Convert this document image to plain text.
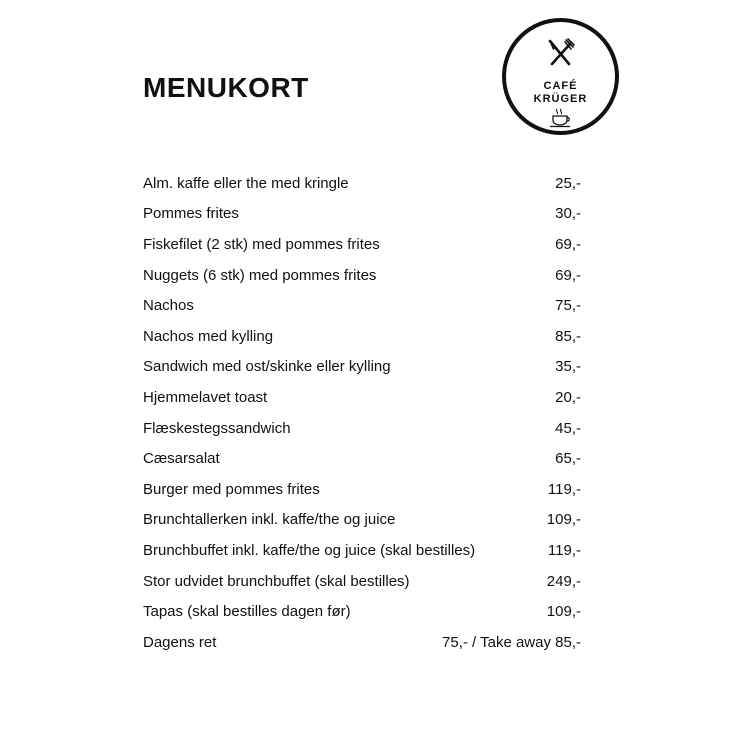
MENUKORT	CAFÉ
KRÜGER
Alm. kaffe eller the med kringle	25,-
Pommes frites	30,-
Fiskefilet (2 stk) med pommes frites	69,-
Nuggets (6 stk) med pommes frites	69,-
Nachos	75,-
Nachos med kylling	85,-
Sandwich med ost/skinke eller kylling	35,-
Hjemmelavet toast	20,-
Flæskestegssandwich	45,-
Cæsarsalat	65,-
Burger med pommes frites	119,-
Brunchtallerken inkl. kaffe/the og juice	109,-
Brunchbuffet inkl. kaffe/the og juice (skal bestilles)	119,-
Stor udvidet brunchbuffet (skal bestilles)	249,-
Tapas (skal bestilles dagen før)	109,-
Dagens ret	75,- / Take away 85,-
